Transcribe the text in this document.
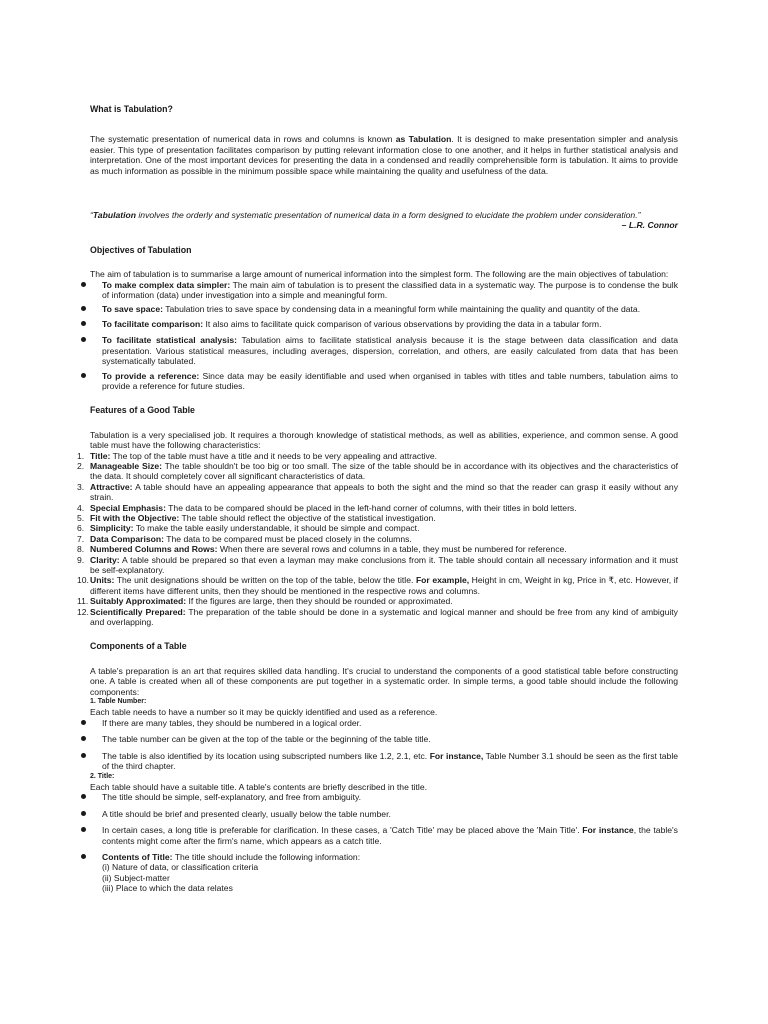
What is Tabulation?

The systematic presentation of numerical data in rows and columns is known as Tabulation. It is designed to make presentation simpler and analysis easier. This type of presentation facilitates comparison by putting relevant information close to one another, and it helps in further statistical analysis and interpretation. One of the most important devices for presenting the data in a condensed and readily comprehensible form is tabulation. It aims to provide as much information as possible in the minimum possible space while maintaining the quality and usefulness of the data.

“Tabulation involves the orderly and systematic presentation of numerical data in a form designed to elucidate the problem under consideration.”

– L.R. Connor

Objectives of Tabulation

The aim of tabulation is to summarise a large amount of numerical information into the simplest form. The following are the main objectives of tabulation:

To make complex data simpler: The main aim of tabulation is to present the classified data in a systematic way. The purpose is to condense the bulk of information (data) under investigation into a simple and meaningful form.
To save space: Tabulation tries to save space by condensing data in a meaningful form while maintaining the quality and quantity of the data.
To facilitate comparison: It also aims to facilitate quick comparison of various observations by providing the data in a tabular form.
To facilitate statistical analysis: Tabulation aims to facilitate statistical analysis because it is the stage between data classification and data presentation. Various statistical measures, including averages, dispersion, correlation, and others, are easily calculated from data that has been systematically tabulated.
To provide a reference: Since data may be easily identifiable and used when organised in tables with titles and table numbers, tabulation aims to provide a reference for future studies.
Features of a Good Table

Tabulation is a very specialised job. It requires a thorough knowledge of statistical methods, as well as abilities, experience, and common sense. A good table must have the following characteristics:

1. Title: The top of the table must have a title and it needs to be very appealing and attractive.
2. Manageable Size: The table shouldn't be too big or too small. The size of the table should be in accordance with its objectives and the characteristics of the data. It should completely cover all significant characteristics of data.
3. Attractive: A table should have an appealing appearance that appeals to both the sight and the mind so that the reader can grasp it easily without any strain.
4. Special Emphasis: The data to be compared should be placed in the left-hand corner of columns, with their titles in bold letters.
5. Fit with the Objective: The table should reflect the objective of the statistical investigation.
6. Simplicity: To make the table easily understandable, it should be simple and compact.
7. Data Comparison: The data to be compared must be placed closely in the columns.
8. Numbered Columns and Rows: When there are several rows and columns in a table, they must be numbered for reference.
9. Clarity: A table should be prepared so that even a layman may make conclusions from it. The table should contain all necessary information and it must be self-explanatory.
10. Units: The unit designations should be written on the top of the table, below the title. For example, Height in cm, Weight in kg, Price in ₹, etc. However, if different items have different units, then they should be mentioned in the respective rows and columns.
11. Suitably Approximated: If the figures are large, then they should be rounded or approximated.
12. Scientifically Prepared: The preparation of the table should be done in a systematic and logical manner and should be free from any kind of ambiguity and overlapping.
Components of a Table

A table's preparation is an art that requires skilled data handling. It's crucial to understand the components of a good statistical table before constructing one. A table is created when all of these components are put together in a systematic order. In simple terms, a good table should include the following components:

1. Table Number:

Each table needs to have a number so it may be quickly identified and used as a reference.

If there are many tables, they should be numbered in a logical order.
The table number can be given at the top of the table or the beginning of the table title.
The table is also identified by its location using subscripted numbers like 1.2, 2.1, etc. For instance, Table Number 3.1 should be seen as the first table of the third chapter.
2. Title:

Each table should have a suitable title. A table's contents are briefly described in the title.

The title should be simple, self-explanatory, and free from ambiguity.
A title should be brief and presented clearly, usually below the table number.
In certain cases, a long title is preferable for clarification. In these cases, a 'Catch Title' may be placed above the 'Main Title'. For instance, the table's contents might come after the firm's name, which appears as a catch title.
Contents of Title: The title should include the following information:
(i) Nature of data, or classification criteria
(ii) Subject-matter
(iii) Place to which the data relates
